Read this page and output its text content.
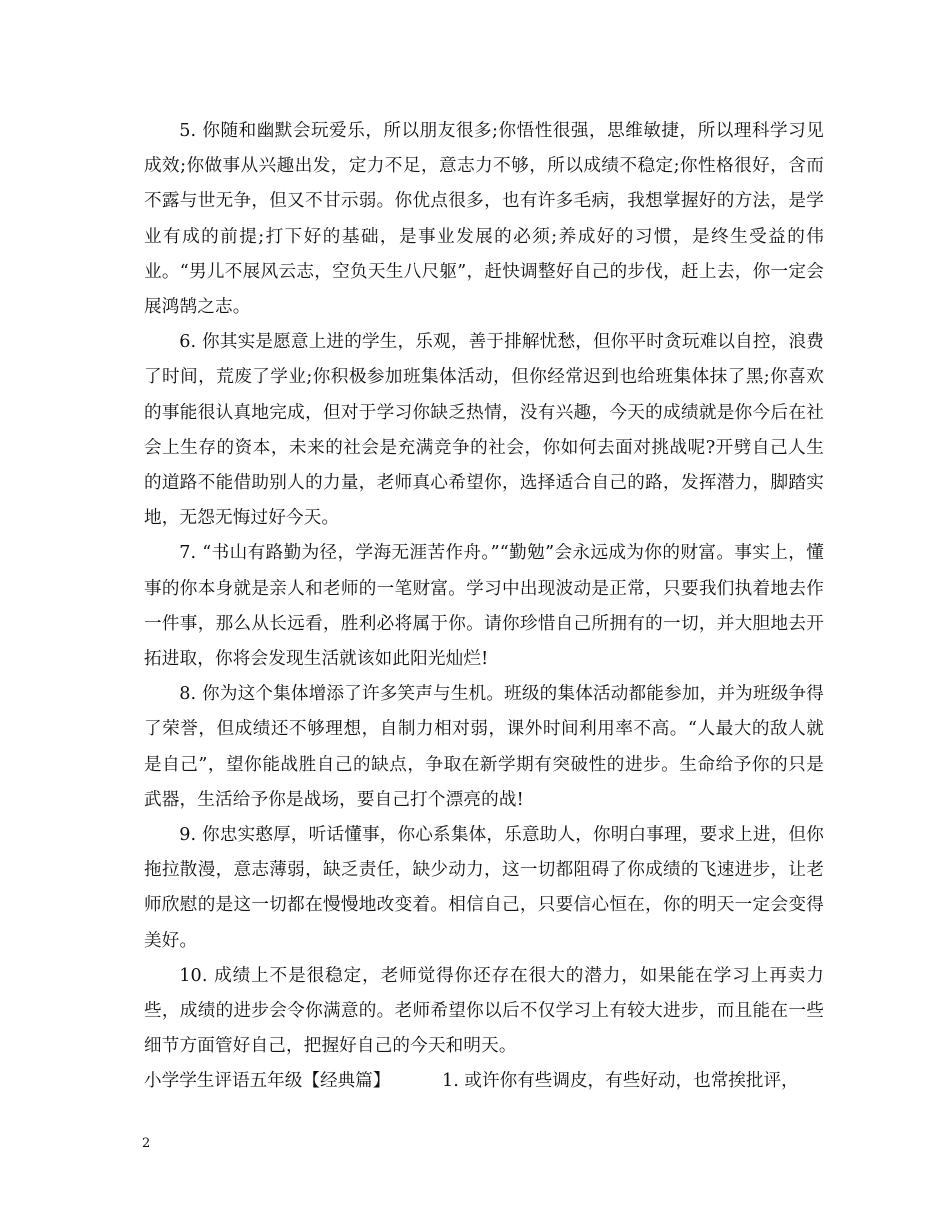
5. 你随和幽默会玩爱乐，所以朋友很多;你悟性很强，思维敏捷，所以理科学习见成效;你做事从兴趣出发，定力不足，意志力不够，所以成绩不稳定;你性格很好，含而不露与世无争，但又不甘示弱。你优点很多，也有许多毛病，我想掌握好的方法，是学业有成的前提;打下好的基础，是事业发展的必须;养成好的习惯，是终生受益的伟业。“男儿不展风云志，空负天生八尺躯”，赶快调整好自己的步伐，赶上去，你一定会展鸿鹄之志。

6. 你其实是愿意上进的学生，乐观，善于排解忧愁，但你平时贪玩难以自控，浪费了时间，荒废了学业;你积极参加班集体活动，但你经常迟到也给班集体抹了黑;你喜欢的事能很认真地完成，但对于学习你缺乏热情，没有兴趣，今天的成绩就是你今后在社会上生存的资本，未来的社会是充满竞争的社会，你如何去面对挑战呢?开劈自己人生的道路不能借助别人的力量，老师真心希望你，选择适合自己的路，发挥潜力，脚踏实地，无怨无悔过好今天。

7. “书山有路勤为径，学海无涯苦作舟。”“勤勉”会永远成为你的财富。事实上，懂事的你本身就是亲人和老师的一笔财富。学习中出现波动是正常，只要我们执着地去作一件事，那么从长远看，胜利必将属于你。请你珍惜自己所拥有的一切，并大胆地去开拓进取，你将会发现生活就该如此阳光灿烂!

8. 你为这个集体增添了许多笑声与生机。班级的集体活动都能参加，并为班级争得了荣誉，但成绩还不够理想，自制力相对弱，课外时间利用率不高。“人最大的敌人就是自己”，望你能战胜自己的缺点，争取在新学期有突破性的进步。生命给予你的只是武器，生活给予你是战场，要自己打个漂亮的战!

9. 你忠实憨厚，听话懂事，你心系集体，乐意助人，你明白事理，要求上进，但你拖拉散漫，意志薄弱，缺乏责任，缺少动力，这一切都阻碍了你成绩的飞速进步，让老师欣慰的是这一切都在慢慢地改变着。相信自己，只要信心恒在，你的明天一定会变得美好。

10. 成绩上不是很稳定，老师觉得你还存在很大的潜力，如果能在学习上再卖力些，成绩的进步会令你满意的。老师希望你以后不仅学习上有较大进步，而且能在一些细节方面管好自己，把握好自己的今天和明天。

小学学生评语五年级【经典篇】	1. 或许你有些调皮，有些好动，也常挨批评，
2
